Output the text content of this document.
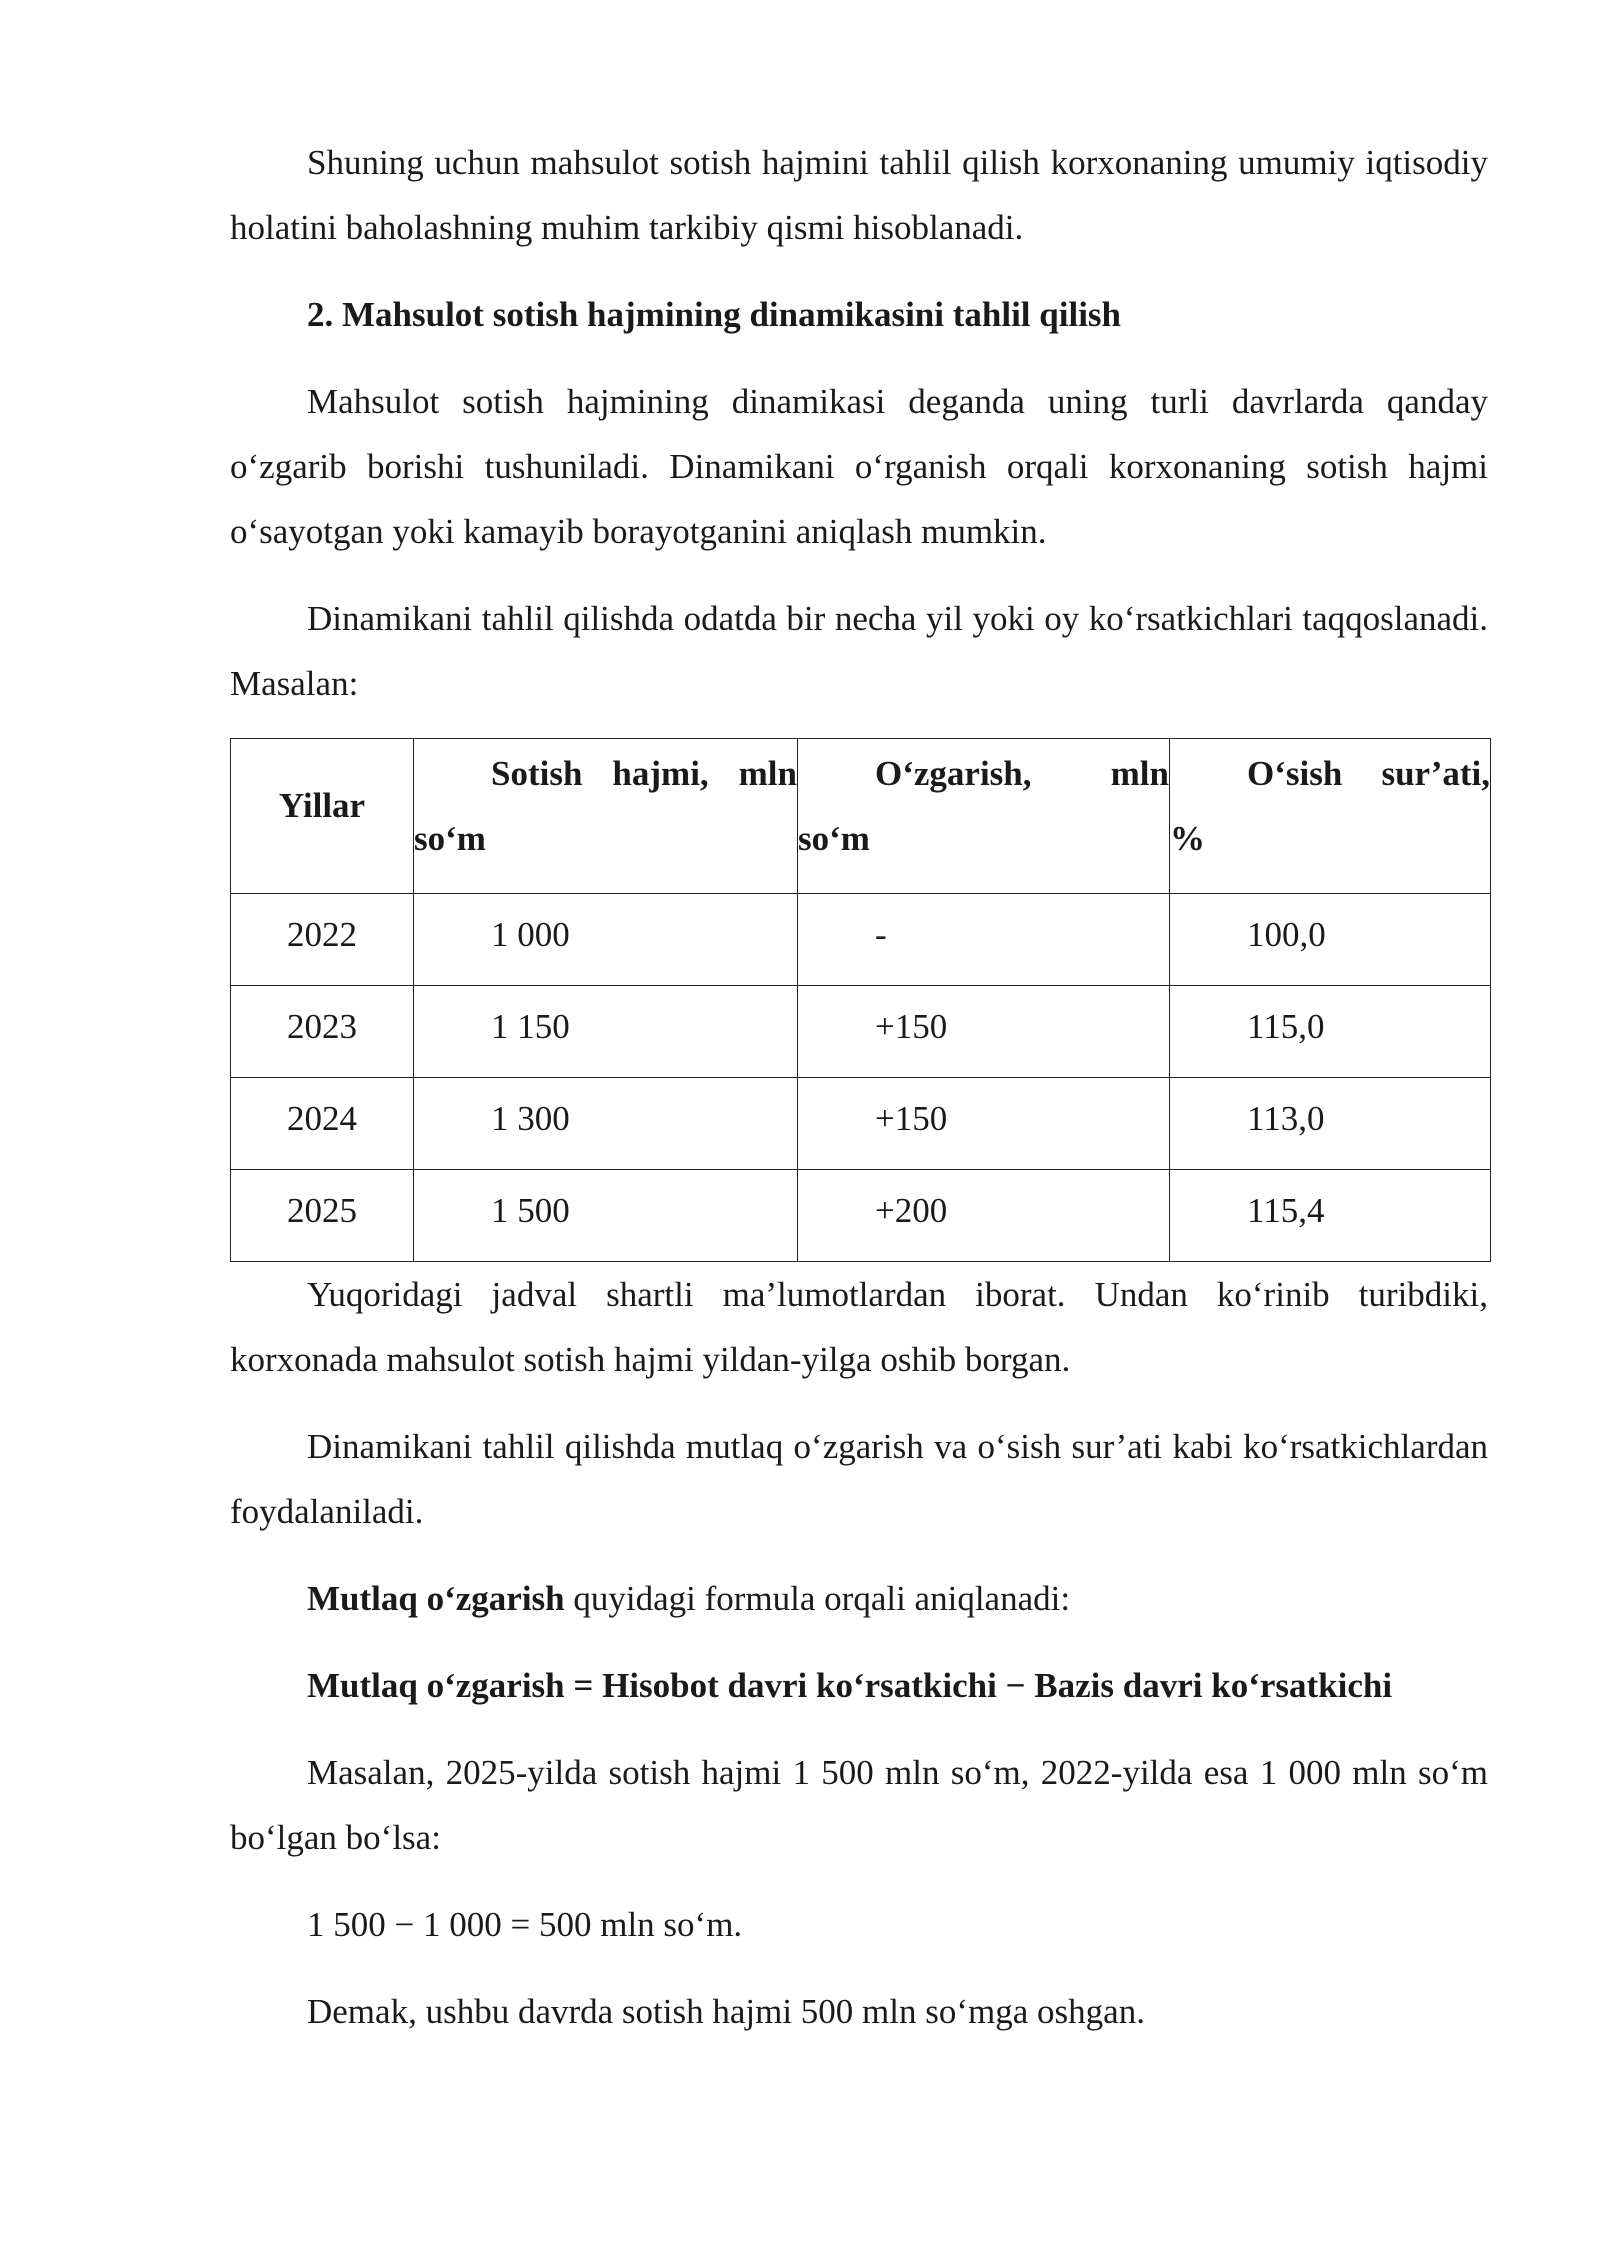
Shuning uchun mahsulot sotish hajmini tahlil qilish korxonaning umumiy iqtisodiy holatini baholashning muhim tarkibiy qismi hisoblanadi.

2. Mahsulot sotish hajmining dinamikasini tahlil qilish

Mahsulot sotish hajmining dinamikasi deganda uning turli davrlarda qanday o‘zgarib borishi tushuniladi. Dinamikani o‘rganish orqali korxonaning sotish hajmi o‘sayotgan yoki kamayib borayotganini aniqlash mumkin.

Dinamikani tahlil qilishda odatda bir necha yil yoki oy ko‘rsatkichlari taqqoslanadi. Masalan:

Yillar	Sotish hajmi, mln so‘m	O‘zgarish, mln so‘m	O‘sish sur’ati, %

2022	1 000	-	100,0

2023	1 150	+150	115,0

2024	1 300	+150	113,0

2025	1 500	+200	115,4

Yuqoridagi jadval shartli ma’lumotlardan iborat. Undan ko‘rinib turibdiki, korxonada mahsulot sotish hajmi yildan-yilga oshib borgan.

Dinamikani tahlil qilishda mutlaq o‘zgarish va o‘sish sur’ati kabi ko‘rsatkichlardan foydalaniladi.

Mutlaq o‘zgarish quyidagi formula orqali aniqlanadi:

Mutlaq o‘zgarish = Hisobot davri ko‘rsatkichi − Bazis davri ko‘rsatkichi

Masalan, 2025-yilda sotish hajmi 1 500 mln so‘m, 2022-yilda esa 1 000 mln so‘m bo‘lgan bo‘lsa:

1 500 − 1 000 = 500 mln so‘m.

Demak, ushbu davrda sotish hajmi 500 mln so‘mga oshgan.
